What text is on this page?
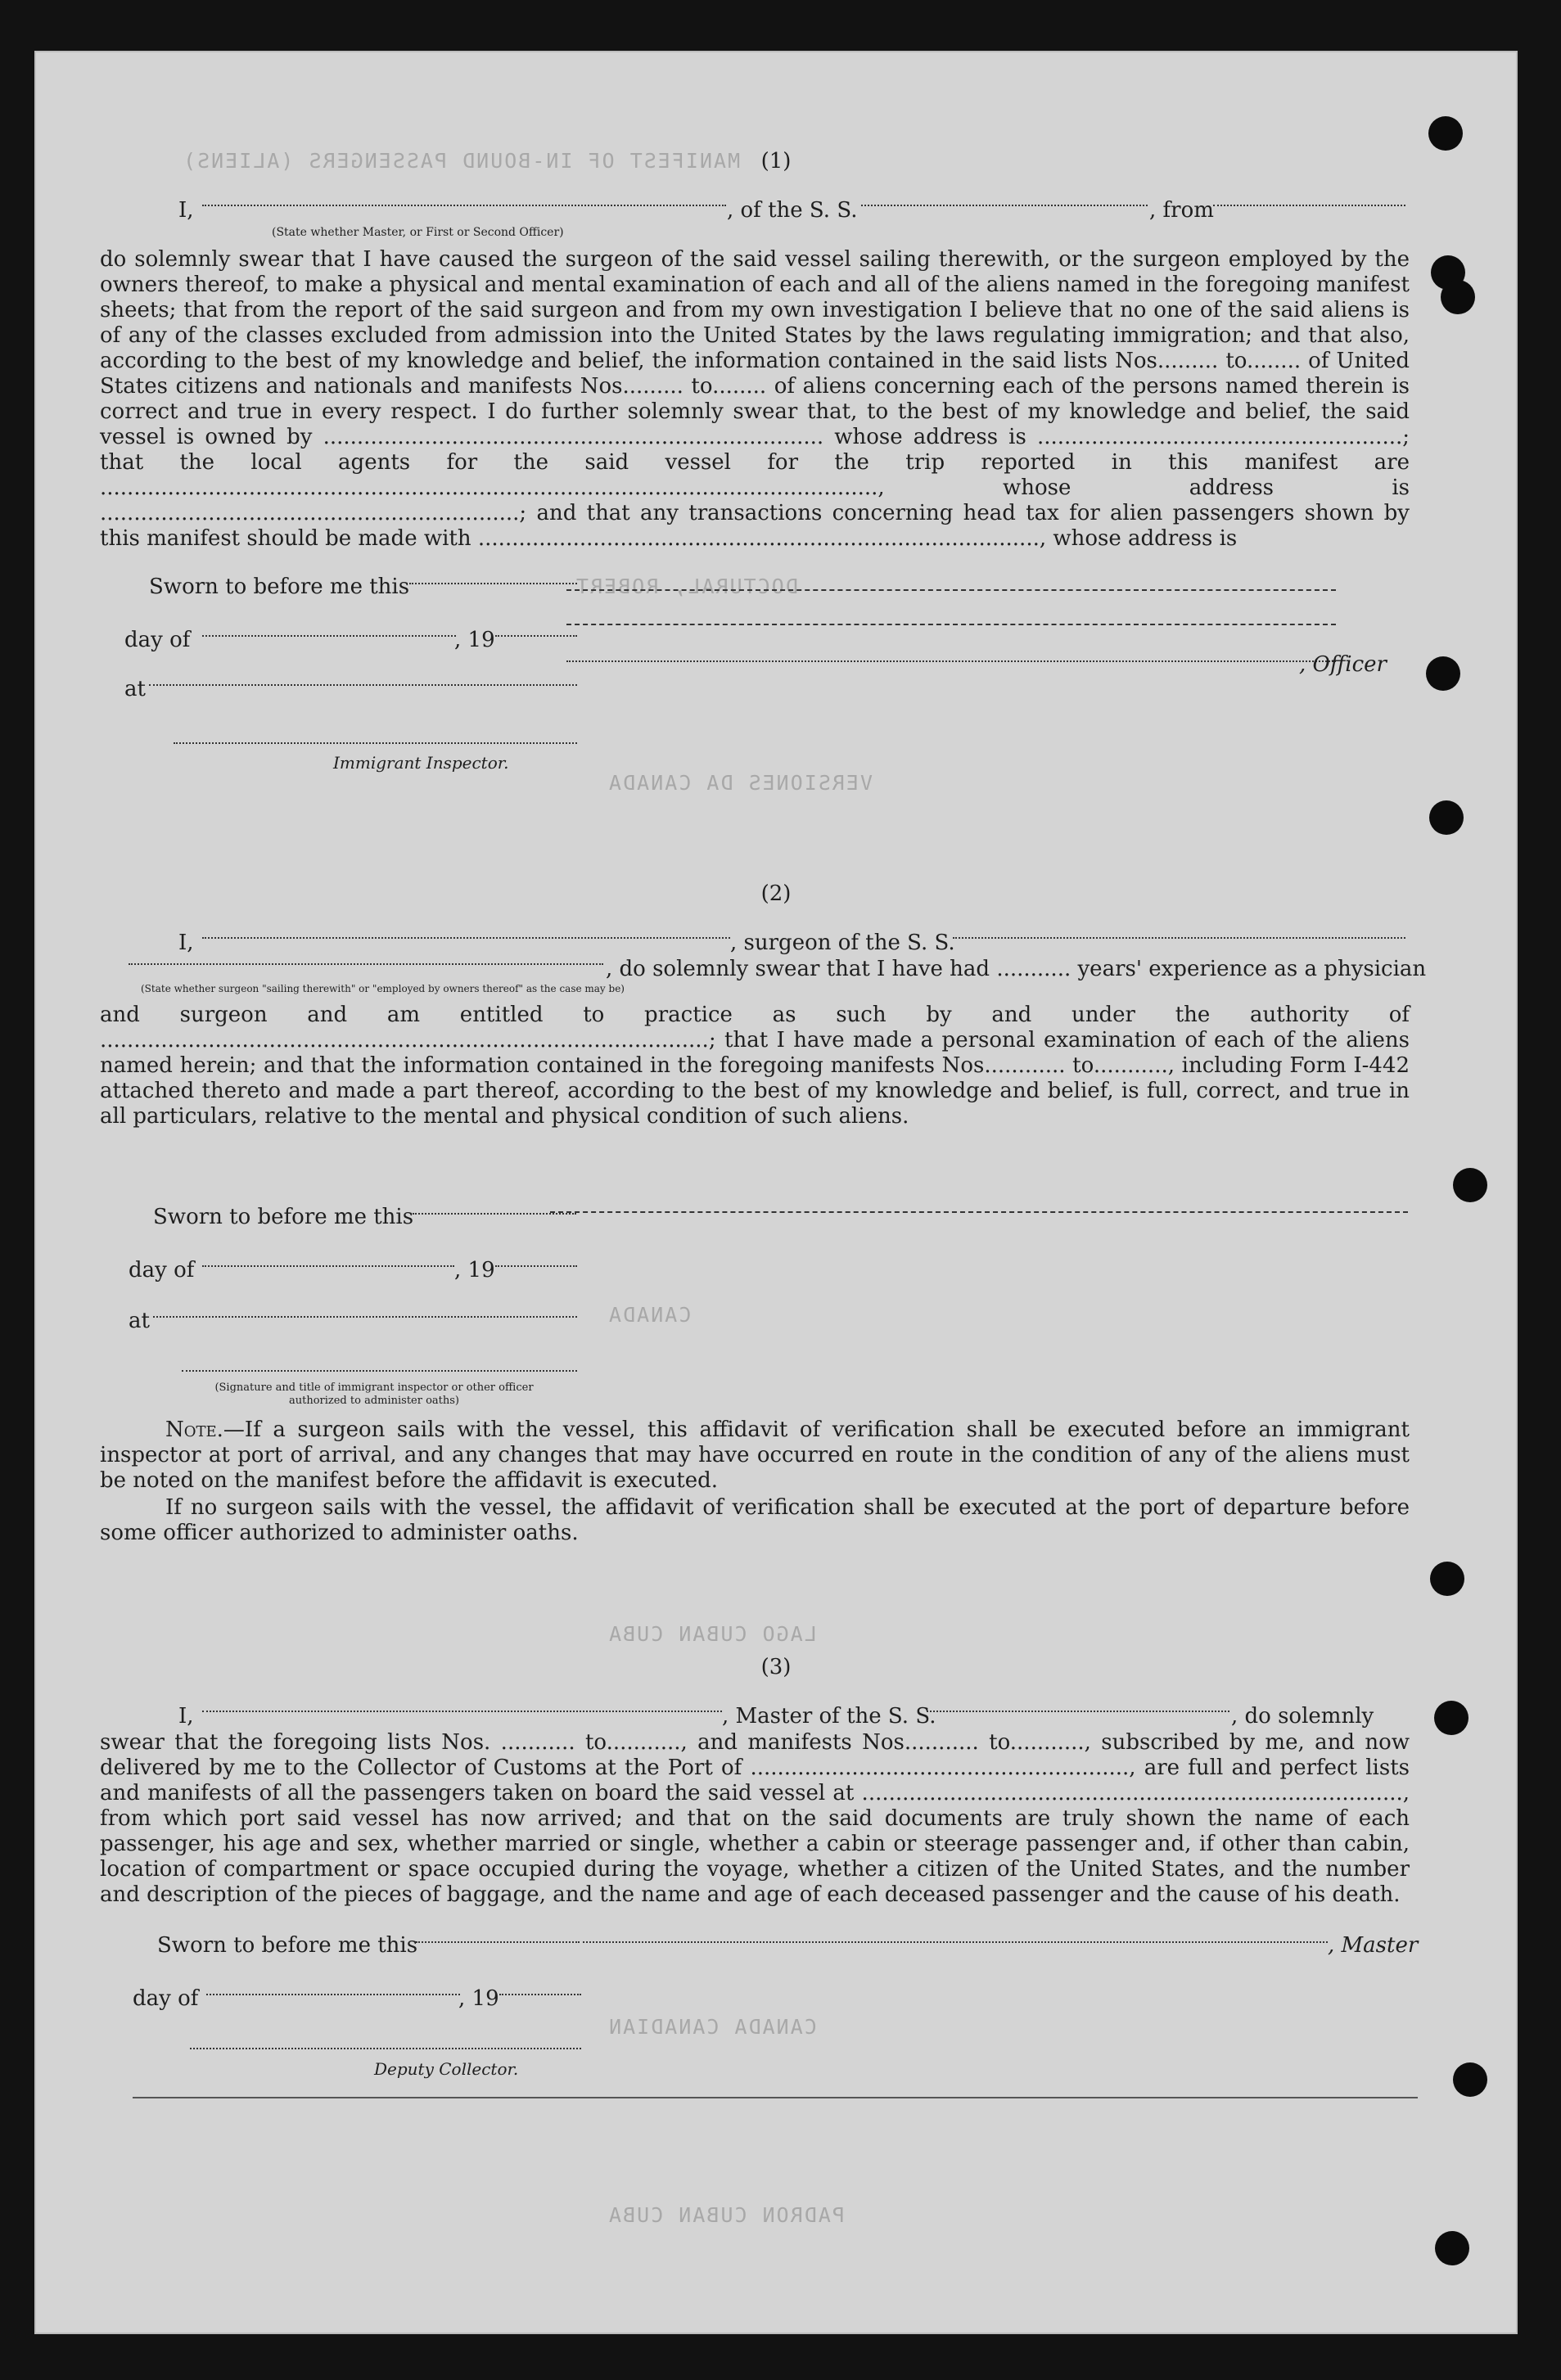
MANIFEST OF IN-BOUND PASSENGERS (ALIENS)
DOCTURAL, ROBERT
VERSIONES DA CANADA
CANADA
LAGO CUBAN CUBA
CANADA CANADIAN
PADRON CUBAN CUBA
(1)
I,	, of the S. S.	, from
(State whether Master, or First or Second Officer)
do solemnly swear that I have caused the surgeon of the said vessel sailing therewith, or the surgeon employed by the owners thereof, to make a physical and mental examination of each and all of the aliens named in the foregoing manifest sheets; that from the report of the said surgeon and from my own investigation I believe that no one of the said aliens is of any of the classes excluded from admission into the United States by the laws regulating immigration; and that also, according to the best of my knowledge and belief, the information contained in the said lists Nos......... to........ of United States citizens and nationals and manifests Nos......... to........ of aliens concerning each of the persons named therein is correct and true in every respect. I do further solemnly swear that, to the best of my knowledge and belief, the said vessel is owned by .......................................................................... whose address is ......................................................; that the local agents for the said vessel for the trip reported in this manifest are ..................................................................................................................., whose address is ..............................................................; and that any transactions concerning head tax for alien passengers shown by this manifest should be made with ..................................................................................., whose address is
Sworn to before me this
day of	, 19
at
Immigrant Inspector.
, Officer
(2)
I,	, surgeon of the S. S.
, do solemnly swear that I have had ........... years' experience as a physician
(State whether surgeon "sailing therewith" or "employed by owners thereof" as the case may be)
and surgeon and am entitled to practice as such by and under the authority of ..........................................................................................; that I have made a personal examination of each of the aliens named herein; and that the information contained in the foregoing manifests Nos............ to..........., including Form I-442 attached thereto and made a part thereof, according to the best of my knowledge and belief, is full, correct, and true in all particulars, relative to the mental and physical condition of such aliens.
Sworn to before me this
day of	, 19
at
(Signature and title of immigrant inspector or other officer authorized to administer oaths)
Note.—If a surgeon sails with the vessel, this affidavit of verification shall be executed before an immigrant inspector at port of arrival, and any changes that may have occurred en route in the condition of any of the aliens must be noted on the manifest before the affidavit is executed.
If no surgeon sails with the vessel, the affidavit of verification shall be executed at the port of departure before some officer authorized to administer oaths.
(3)
I,	, Master of the S. S.	, do solemnly
swear that the foregoing lists Nos. ........... to..........., and manifests Nos........... to..........., subscribed by me, and now delivered by me to the Collector of Customs at the Port of ........................................................, are full and perfect lists and manifests of all the passengers taken on board the said vessel at ................................................................................, from which port said vessel has now arrived; and that on the said documents are truly shown the name of each passenger, his age and sex, whether married or single, whether a cabin or steerage passenger and, if other than cabin, location of compartment or space occupied during the voyage, whether a citizen of the United States, and the number and description of the pieces of baggage, and the name and age of each deceased passenger and the cause of his death.
Sworn to before me this	, Master
day of	, 19
Deputy Collector.
